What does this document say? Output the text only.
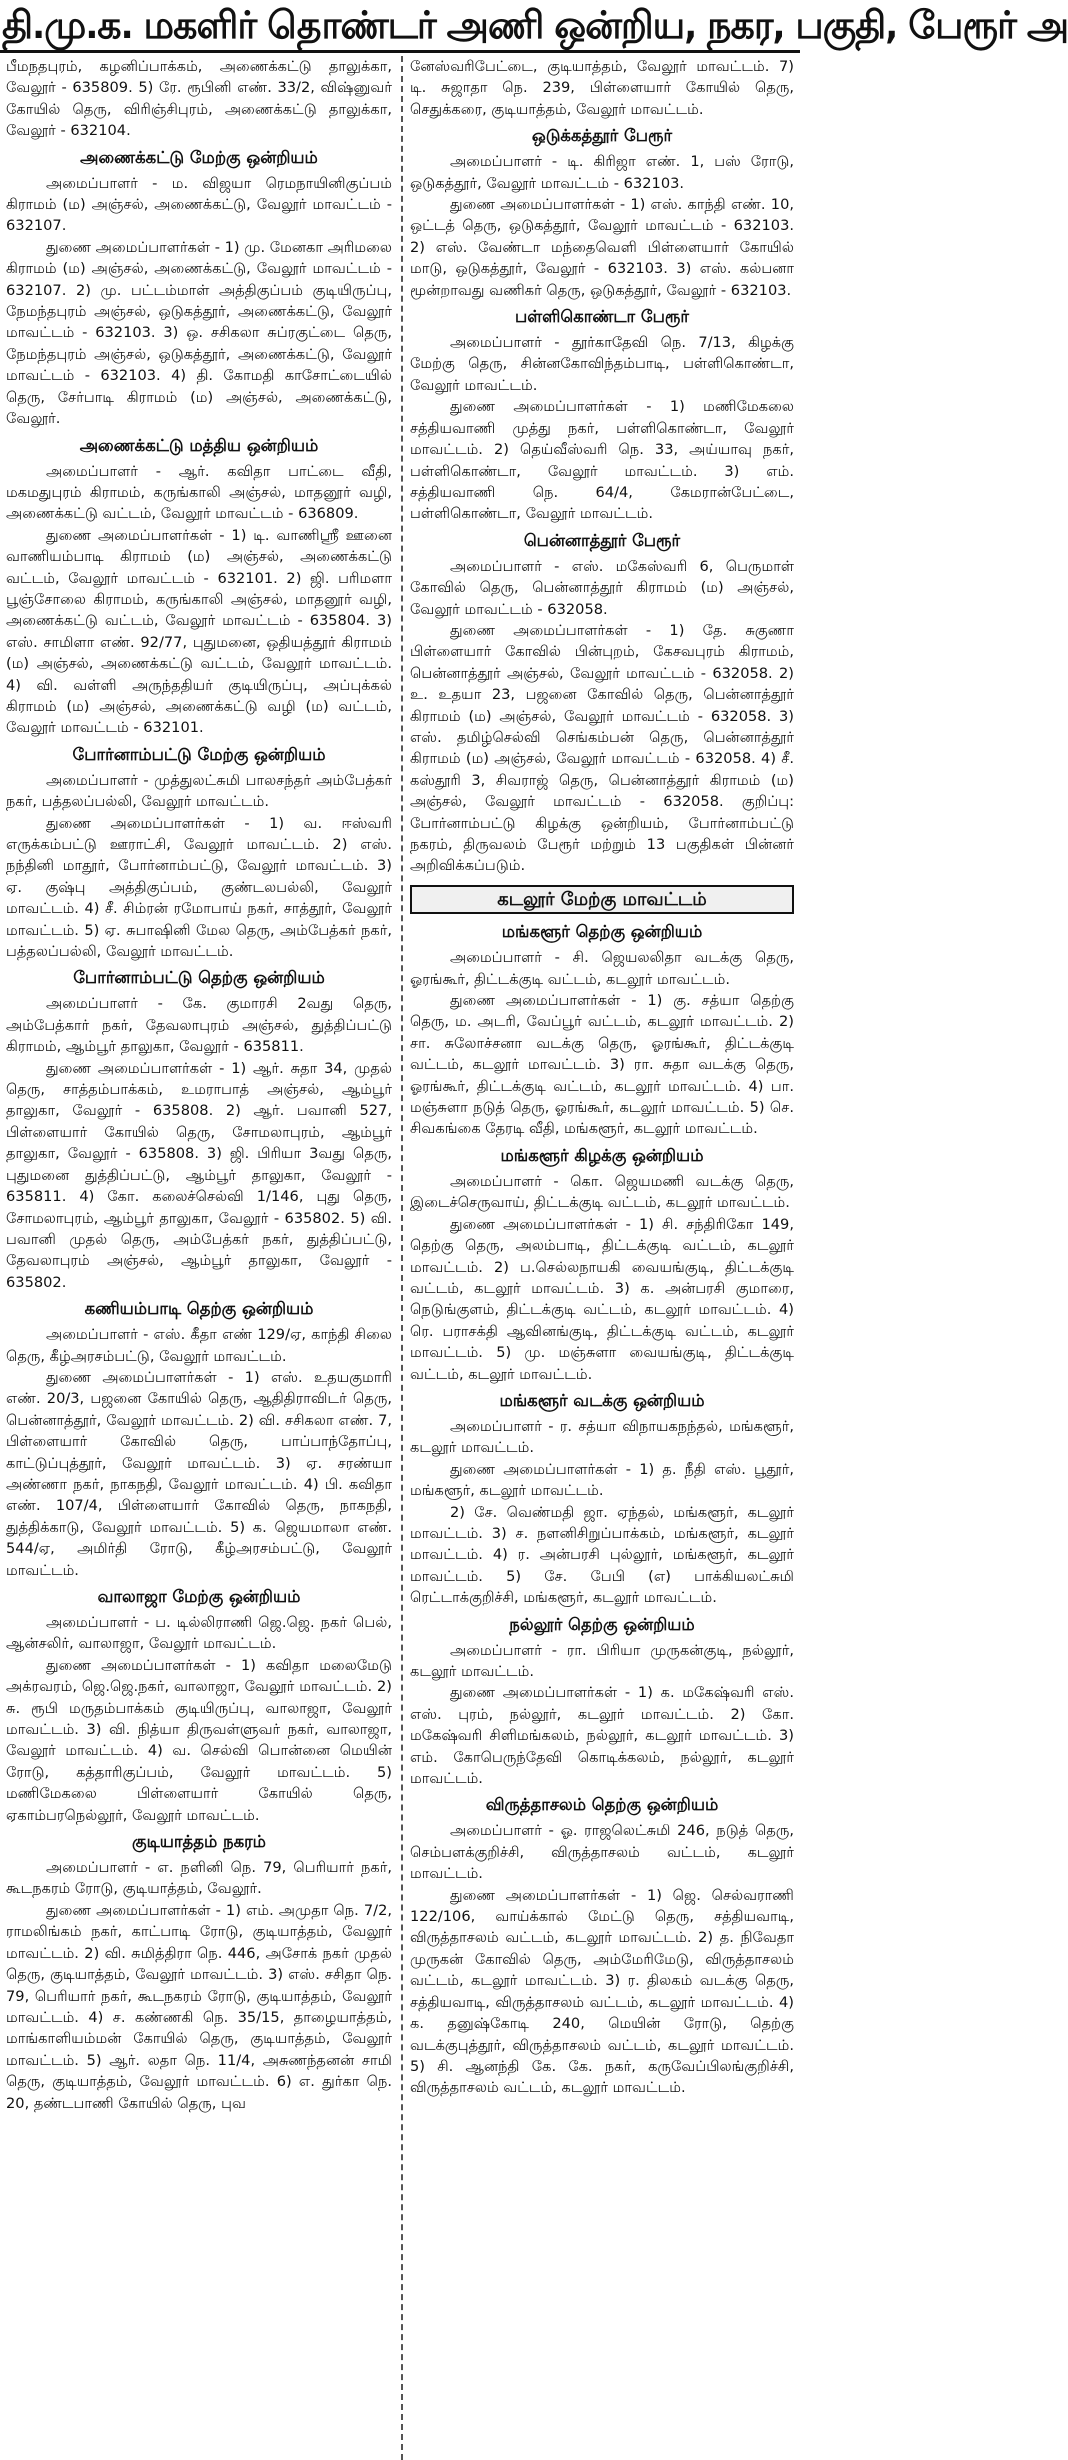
தி.மு.க. மகளிர் தொண்டர் அணி ஒன்றிய, நகர, பகுதி, பேரூர் அ

பீமநதபுரம், கழனிப்பாக்கம், அணைக்கட்டு தாலுக்கா, வேலூர் - 635809. 5) ரே. ரூபினி எண். 33/2, விஷ்னுவர் கோயில் தெரு, விரிஞ்சிபுரம், அணைக்கட்டு தாலுக்கா, வேலூர் - 632104.

அணைக்கட்டு மேற்கு ஒன்றியம்

அமைப்பாளர் - ம. விஜயா ரெமநாயினிகுப்பம் கிராமம் (ம) அஞ்சல், அணைக்கட்டு, வேலூர் மாவட்டம் - 632107.

துணை அமைப்பாளர்கள் - 1) மு. மேனகா அரிமலை கிராமம் (ம) அஞ்சல், அணைக்கட்டு, வேலூர் மாவட்டம் - 632107. 2) மு. பட்டம்மாள் அத்திகுப்பம் குடியிருப்பு, நேமந்தபுரம் அஞ்சல், ஒடுகத்தூர், அணைக்கட்டு, வேலூர் மாவட்டம் - 632103. 3) ஒ. சசிகலா சுப்ரகுட்டை தெரு, நேமந்தபுரம் அஞ்சல், ஒடுகத்தூர், அணைக்கட்டு, வேலூர் மாவட்டம் - 632103. 4) தி. கோமதி காசோட்டையில் தெரு, சேர்பாடி கிராமம் (ம) அஞ்சல், அணைக்கட்டு, வேலூர்.

அணைக்கட்டு மத்திய ஒன்றியம்

அமைப்பாளர் - ஆர். கவிதா பாட்டை வீதி, மகமதுபுரம் கிராமம், கருங்காலி அஞ்சல், மாதனூர் வழி, அணைக்கட்டு வட்டம், வேலூர் மாவட்டம் - 636809.

துணை அமைப்பாளர்கள் - 1) டி. வாணிஸ்ரீ ஊனை வாணியம்பாடி கிராமம் (ம) அஞ்சல், அணைக்கட்டு வட்டம், வேலூர் மாவட்டம் - 632101. 2) ஜி. பரிமளா பூஞ்சோலை கிராமம், கருங்காலி அஞ்சல், மாதனூர் வழி, அணைக்கட்டு வட்டம், வேலூர் மாவட்டம் - 635804. 3) எஸ். சாமிளா எண். 92/77, புதுமனை, ஒதியத்தூர் கிராமம் (ம) அஞ்சல், அணைக்கட்டு வட்டம், வேலூர் மாவட்டம். 4) வி. வள்ளி அருந்ததியர் குடியிருப்பு, அப்புக்கல் கிராமம் (ம) அஞ்சல், அணைக்கட்டு வழி (ம) வட்டம், வேலூர் மாவட்டம் - 632101.

போர்னாம்பட்டு மேற்கு ஒன்றியம்

அமைப்பாளர் - முத்துலட்சுமி பாலசந்தர் அம்பேத்கர் நகர், பத்தலப்பல்லி, வேலூர் மாவட்டம்.

துணை அமைப்பாளர்கள் - 1) வ. ஈஸ்வரி எருக்கம்பட்டு ஊராட்சி, வேலூர் மாவட்டம். 2) எஸ். நந்தினி மாதூர், போர்னாம்பட்டு, வேலூர் மாவட்டம். 3) ஏ. குஷ்பு அத்திகுப்பம், குண்டலபல்லி, வேலூர் மாவட்டம். 4) சீ. சிம்ரன் ரமோபாய் நகர், சாத்தூர், வேலூர் மாவட்டம். 5) ஏ. சுபாஷினி மேல தெரு, அம்பேத்கர் நகர், பத்தலப்பல்லி, வேலூர் மாவட்டம்.

போர்னாம்பட்டு தெற்கு ஒன்றியம்

அமைப்பாளர் - கே. குமாரசி 2வது தெரு, அம்பேத்கார் நகர், தேவலாபுரம் அஞ்சல், துத்திப்பட்டு கிராமம், ஆம்பூர் தாலுகா, வேலூர் - 635811.

துணை அமைப்பாளர்கள் - 1) ஆர். சுதா 34, முதல் தெரு, சாத்தம்பாக்கம், உமராபாத் அஞ்சல், ஆம்பூர் தாலுகா, வேலூர் - 635808. 2) ஆர். பவானி 527, பிள்ளையார் கோயில் தெரு, சோமலாபுரம், ஆம்பூர் தாலுகா, வேலூர் - 635808. 3) ஜி. பிரியா 3வது தெரு, புதுமனை துத்திப்பட்டு, ஆம்பூர் தாலுகா, வேலூர் - 635811. 4) கோ. கலைச்செல்வி 1/146, புது தெரு, சோமலாபுரம், ஆம்பூர் தாலுகா, வேலூர் - 635802. 5) வி. பவானி முதல் தெரு, அம்பேத்கர் நகர், துத்திப்பட்டு, தேவலாபுரம் அஞ்சல், ஆம்பூர் தாலுகா, வேலூர் - 635802.

கணியம்பாடி தெற்கு ஒன்றியம்

அமைப்பாளர் - எஸ். கீதா எண் 129/ஏ, காந்தி சிலை தெரு, கீழ்அரசம்பட்டு, வேலூர் மாவட்டம்.

துணை அமைப்பாளர்கள் - 1) எஸ். உதயகுமாரி எண். 20/3, பஜனை கோயில் தெரு, ஆதிதிராவிடர் தெரு, பென்னாத்தூர், வேலூர் மாவட்டம். 2) வி. சசிகலா எண். 7, பிள்ளையார் கோவில் தெரு, பாப்பாந்தோப்பு, காட்டுப்புத்தூர், வேலூர் மாவட்டம். 3) ஏ. சரண்யா அண்ணா நகர், நாகநதி, வேலூர் மாவட்டம். 4) பி. கவிதா எண். 107/4, பிள்ளையார் கோவில் தெரு, நாகநதி, துத்திக்காடு, வேலூர் மாவட்டம். 5) க. ஜெயமாலா எண். 544/ஏ, அமிர்தி ரோடு, கீழ்அரசம்பட்டு, வேலூர் மாவட்டம்.

வாலாஜா மேற்கு ஒன்றியம்

அமைப்பாளர் - ப. டில்லிராணி ஜெ.ஜெ. நகர் பெல், ஆன்சலிர், வாலாஜா, வேலூர் மாவட்டம்.

துணை அமைப்பாளர்கள் - 1) கவிதா மலைமேடு அக்ரவரம், ஜெ.ஜெ.நகர், வாலாஜா, வேலூர் மாவட்டம். 2) சு. ரூபி மருதம்பாக்கம் குடியிருப்பு, வாலாஜா, வேலூர் மாவட்டம். 3) வி. நித்யா திருவள்ளுவர் நகர், வாலாஜா, வேலூர் மாவட்டம். 4) வ. செல்வி பொன்னை மெயின் ரோடு, கத்தாரிகுப்பம், வேலூர் மாவட்டம். 5) மணிமேகலை பிள்ளையார் கோயில் தெரு, ஏகாம்பரநெல்லூர், வேலூர் மாவட்டம்.

குடியாத்தம் நகரம்

அமைப்பாளர் - எ. நளினி நெ. 79, பெரியார் நகர், கூடநகரம் ரோடு, குடியாத்தம், வேலூர்.

துணை அமைப்பாளர்கள் - 1) எம். அமுதா நெ. 7/2, ராமலிங்கம் நகர், காட்பாடி ரோடு, குடியாத்தம், வேலூர் மாவட்டம். 2) வி. சுமித்திரா நெ. 446, அசோக் நகர் முதல் தெரு, குடியாத்தம், வேலூர் மாவட்டம். 3) எஸ். சசிதா நெ. 79, பெரியார் நகர், கூடநகரம் ரோடு, குடியாத்தம், வேலூர் மாவட்டம். 4) ச. கண்ணகி நெ. 35/15, தாழையாத்தம், மாங்காளியம்மன் கோயில் தெரு, குடியாத்தம், வேலூர் மாவட்டம். 5) ஆர். லதா நெ. 11/4, அசுணந்தனன் சாமி தெரு, குடியாத்தம், வேலூர் மாவட்டம். 6) எ. துர்கா நெ. 20, தண்டபாணி கோயில் தெரு, புவ

னேஸ்வரிபேட்டை, குடியாத்தம், வேலூர் மாவட்டம். 7) டி. சுஜாதா நெ. 239, பிள்ளையார் கோயில் தெரு, செதுக்கரை, குடியாத்தம், வேலூர் மாவட்டம்.

ஒடுக்கத்தூர் பேரூர்

அமைப்பாளர் - டி. கிரிஜா எண். 1, பஸ் ரோடு, ஒடுகத்தூர், வேலூர் மாவட்டம் - 632103.

துணை அமைப்பாளர்கள் - 1) எஸ். காந்தி எண். 10, ஒட்டத் தெரு, ஒடுகத்தூர், வேலூர் மாவட்டம் - 632103. 2) எஸ். வேண்டா மந்தைவெளி பிள்ளையார் கோயில் மாடு, ஒடுகத்தூர், வேலூர் - 632103. 3) எஸ். கல்பனா மூன்றாவது வணிகர் தெரு, ஒடுகத்தூர், வேலூர் - 632103.

பள்ளிகொண்டா பேரூர்

அமைப்பாளர் - தூர்காதேவி நெ. 7/13, கிழக்கு மேற்கு தெரு, சின்னகோவிந்தம்பாடி, பள்ளிகொண்டா, வேலூர் மாவட்டம்.

துணை அமைப்பாளர்கள் - 1) மணிமேகலை சத்தியவாணி முத்து நகர், பள்ளிகொண்டா, வேலூர் மாவட்டம். 2) தெய்வீஸ்வரி நெ. 33, அய்யாவு நகர், பள்ளிகொண்டா, வேலூர் மாவட்டம். 3) எம். சத்தியவாணி நெ. 64/4, கேமரான்பேட்டை, பள்ளிகொண்டா, வேலூர் மாவட்டம்.

பென்னாத்தூர் பேரூர்

அமைப்பாளர் - எஸ். மகேஸ்வரி 6, பெருமாள் கோவில் தெரு, பென்னாத்தூர் கிராமம் (ம) அஞ்சல், வேலூர் மாவட்டம் - 632058.

துணை அமைப்பாளர்கள் - 1) தே. சுகுணா பிள்ளையார் கோவில் பின்புறம், கேசவபுரம் கிராமம், பென்னாத்தூர் அஞ்சல், வேலூர் மாவட்டம் - 632058. 2) உ. உதயா 23, பஜனை கோவில் தெரு, பென்னாத்தூர் கிராமம் (ம) அஞ்சல், வேலூர் மாவட்டம் - 632058. 3) எஸ். தமிழ்செல்வி செங்கம்பன் தெரு, பென்னாத்தூர் கிராமம் (ம) அஞ்சல், வேலூர் மாவட்டம் - 632058. 4) சீ. கஸ்தூரி 3, சிவராஜ் தெரு, பென்னாத்தூர் கிராமம் (ம) அஞ்சல், வேலூர் மாவட்டம் - 632058. குறிப்பு: போர்னாம்பட்டு கிழக்கு ஒன்றியம், போர்னாம்பட்டு நகரம், திருவலம் பேரூர் மற்றும் 13 பகுதிகள் பின்னர் அறிவிக்கப்படும்.

கடலூர் மேற்கு மாவட்டம்
மங்களூர் தெற்கு ஒன்றியம்

அமைப்பாளர் - சி. ஜெயலலிதா வடக்கு தெரு, ஓரங்கூர், திட்டக்குடி வட்டம், கடலூர் மாவட்டம்.

துணை அமைப்பாளர்கள் - 1) கு. சத்யா தெற்கு தெரு, ம. அடரி, வேப்பூர் வட்டம், கடலூர் மாவட்டம். 2) சா. சுலோச்சனா வடக்கு தெரு, ஓரங்கூர், திட்டக்குடி வட்டம், கடலூர் மாவட்டம். 3) ரா. சுதா வடக்கு தெரு, ஓரங்கூர், திட்டக்குடி வட்டம், கடலூர் மாவட்டம். 4) பா. மஞ்சுளா நடுத் தெரு, ஓரங்கூர், கடலூர் மாவட்டம். 5) செ. சிவகங்கை தேரடி வீதி, மங்களூர், கடலூர் மாவட்டம்.

மங்களூர் கிழக்கு ஒன்றியம்

அமைப்பாளர் - கொ. ஜெயமணி வடக்கு தெரு, இடைச்செருவாய், திட்டக்குடி வட்டம், கடலூர் மாவட்டம்.

துணை அமைப்பாளர்கள் - 1) சி. சந்திரிகோ 149, தெற்கு தெரு, அலம்பாடி, திட்டக்குடி வட்டம், கடலூர் மாவட்டம். 2) ப.செல்லநாயகி வையங்குடி, திட்டக்குடி வட்டம், கடலூர் மாவட்டம். 3) க. அன்பரசி குமாரை, நெடுங்குளம், திட்டக்குடி வட்டம், கடலூர் மாவட்டம். 4) ரெ. பராசக்தி ஆவினங்குடி, திட்டக்குடி வட்டம், கடலூர் மாவட்டம். 5) மு. மஞ்சுளா வையங்குடி, திட்டக்குடி வட்டம், கடலூர் மாவட்டம்.

மங்களூர் வடக்கு ஒன்றியம்

அமைப்பாளர் - ர. சத்யா விநாயகநந்தல், மங்களூர், கடலூர் மாவட்டம்.

துணை அமைப்பாளர்கள் - 1) த. நீதி எஸ். பூதூர், மங்களூர், கடலூர் மாவட்டம்.

2) சே. வெண்மதி ஜா. ஏந்தல், மங்களூர், கடலூர் மாவட்டம். 3) ச. நளனிசிறுப்பாக்கம், மங்களூர், கடலூர் மாவட்டம். 4) ர. அன்பரசி புல்லூர், மங்களூர், கடலூர் மாவட்டம். 5) சே. பேபி (எ) பாக்கியலட்சுமி ரெட்டாக்குறிச்சி, மங்களூர், கடலூர் மாவட்டம்.

நல்லூர் தெற்கு ஒன்றியம்

அமைப்பாளர் - ரா. பிரியா முருகன்குடி, நல்லூர், கடலூர் மாவட்டம்.

துணை அமைப்பாளர்கள் - 1) க. மகேஷ்வரி எஸ். எஸ். புரம், நல்லூர், கடலூர் மாவட்டம். 2) கோ. மகேஷ்வரி சிளிமங்கலம், நல்லூர், கடலூர் மாவட்டம். 3) எம். கோபெருந்தேவி கொடிக்கலம், நல்லூர், கடலூர் மாவட்டம்.

விருத்தாசலம் தெற்கு ஒன்றியம்

அமைப்பாளர் - ஓ. ராஜலெட்சுமி 246, நடுத் தெரு, செம்பளக்குறிச்சி, விருத்தாசலம் வட்டம், கடலூர் மாவட்டம்.

துணை அமைப்பாளர்கள் - 1) ஜெ. செல்வராணி 122/106, வாய்க்கால் மேட்டு தெரு, சத்தியவாடி, விருத்தாசலம் வட்டம், கடலூர் மாவட்டம். 2) த. நிவேதா முருகன் கோவில் தெரு, அம்மேரிமேடு, விருத்தாசலம் வட்டம், கடலூர் மாவட்டம். 3) ர. திலகம் வடக்கு தெரு, சத்தியவாடி, விருத்தாசலம் வட்டம், கடலூர் மாவட்டம். 4) க. தனுஷ்கோடி 240, மெயின் ரோடு, தெற்கு வடக்குபுத்தூர், விருத்தாசலம் வட்டம், கடலூர் மாவட்டம். 5) சி. ஆனந்தி கே. கே. நகர், கருவேப்பிலங்குறிச்சி, விருத்தாசலம் வட்டம், கடலூர் மாவட்டம்.
